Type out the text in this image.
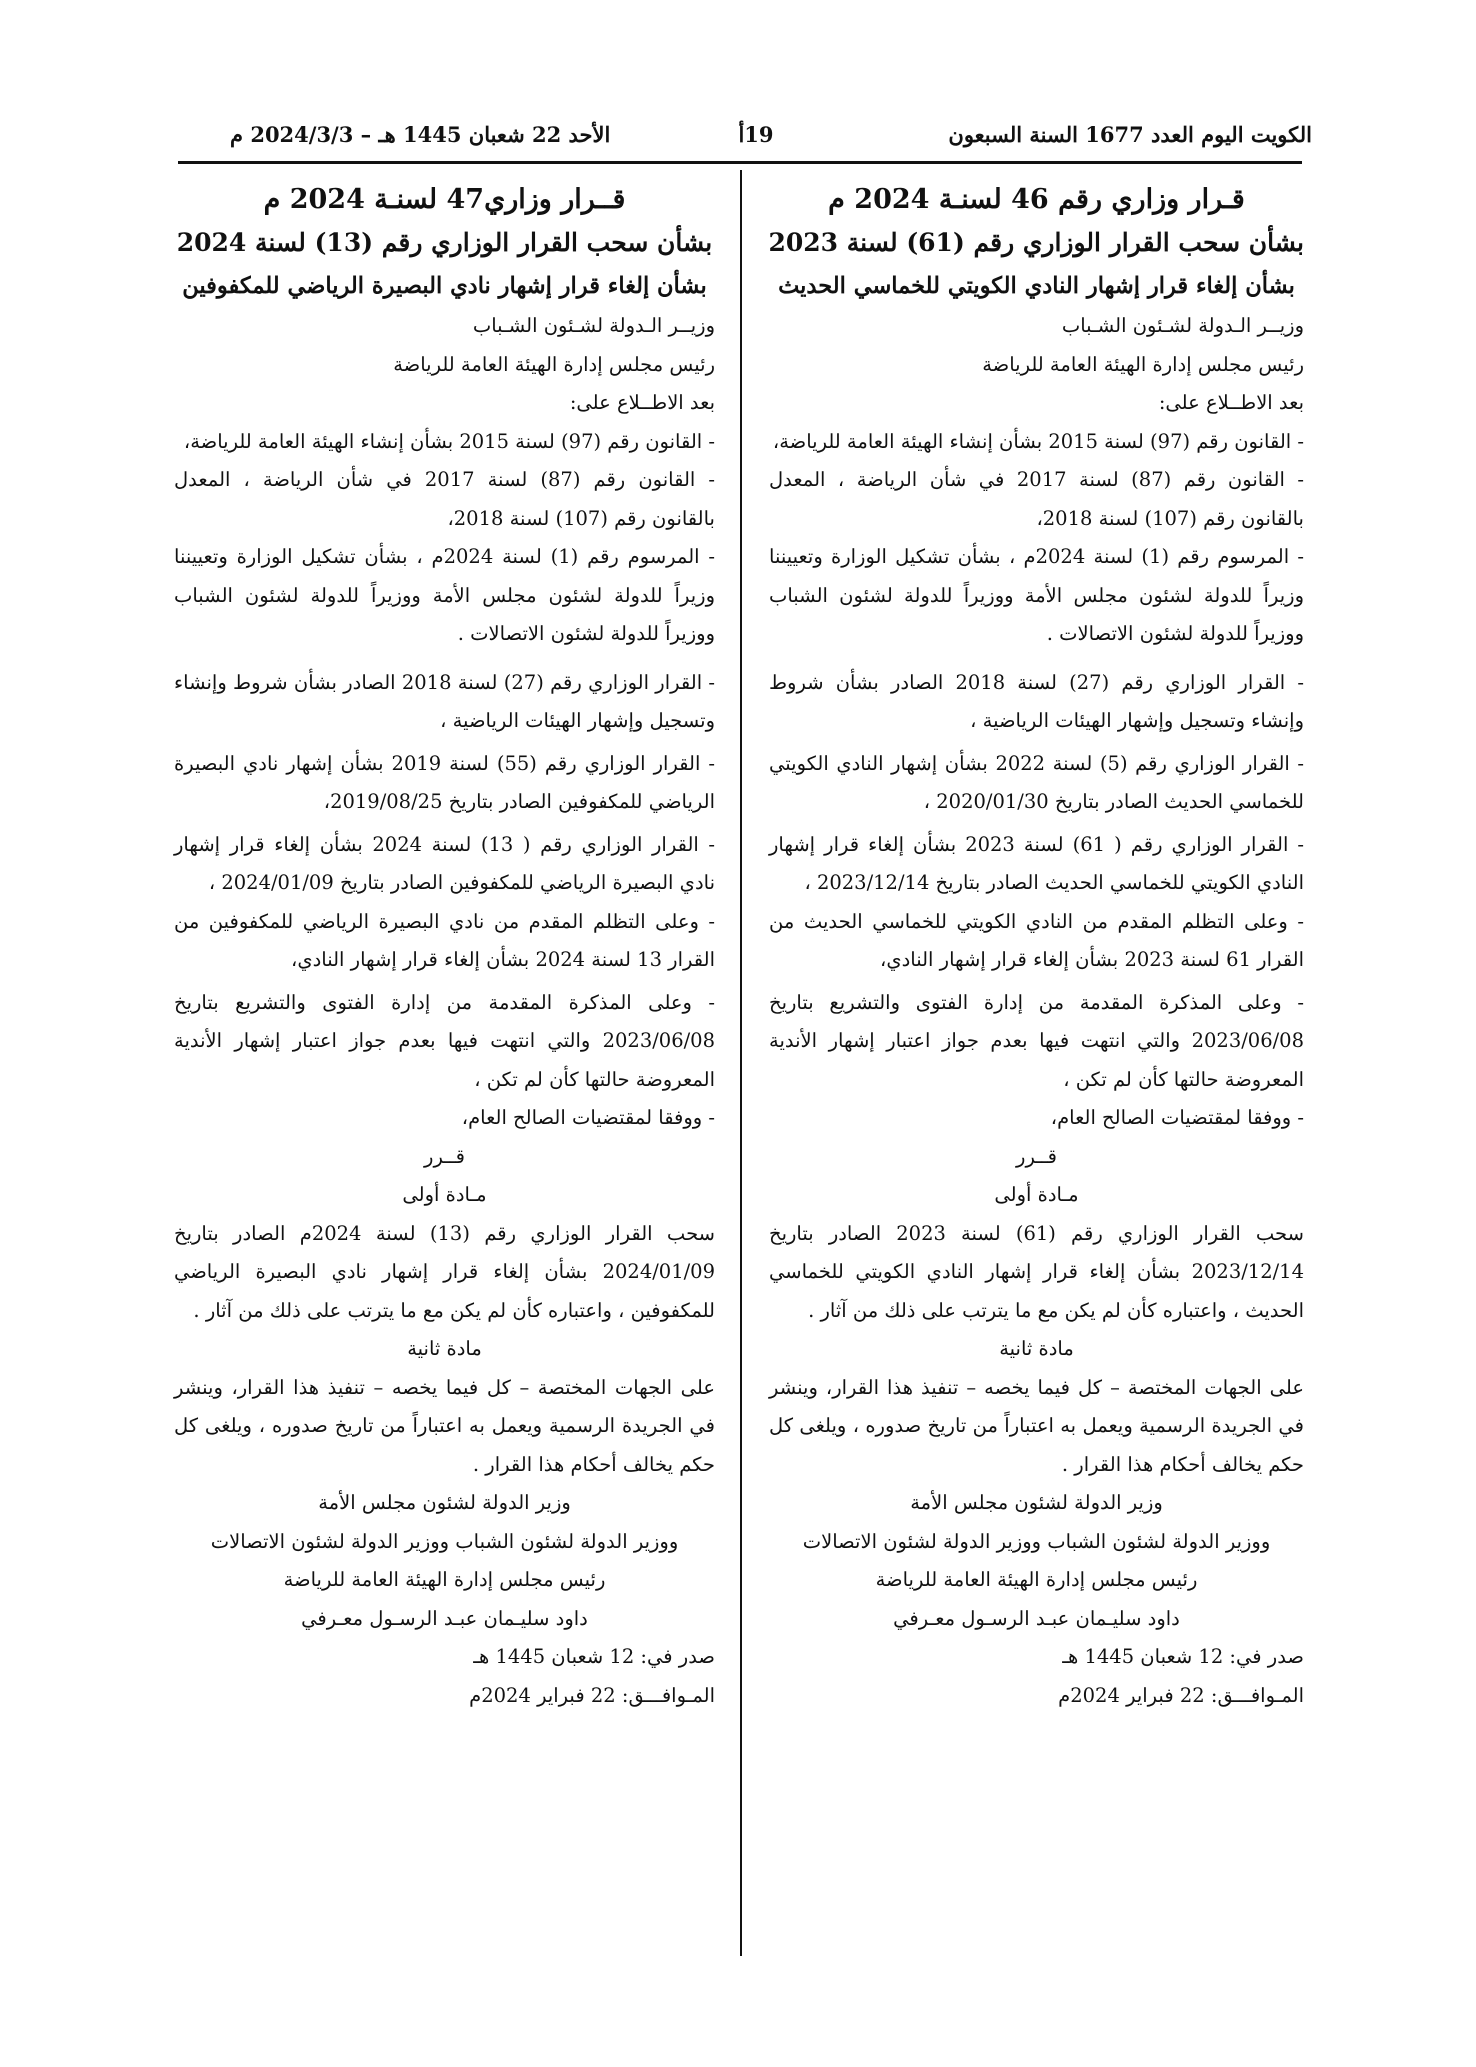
الكويت اليوم العدد 1677 السنة السبعون
19أ
الأحد 22 شعبان 1445 هـ – 2024/3/3 م
قـرار وزاري رقم 46 لسنـة 2024 م
بشأن سحب القرار الوزاري رقم (61) لسنة 2023
بشأن إلغاء قرار إشهار النادي الكويتي للخماسي الحديث
وزيــر الـدولة لشـئون الشـباب
رئيس مجلس إدارة الهيئة العامة للرياضة
بعد الاطــلاع على:

- القانون رقم (97) لسنة 2015 بشأن إنشاء الهيئة العامة للرياضة،

- القانون رقم (87) لسنة 2017 في شأن الرياضة ، المعدل بالقانون رقم (107) لسنة 2018،

- المرسوم رقم (1) لسنة 2024م ، بشأن تشكيل الوزارة وتعييننا وزيراً للدولة لشئون مجلس الأمة ووزيراً للدولة لشئون الشباب ووزيراً للدولة لشئون الاتصالات .

- القرار الوزاري رقم (27) لسنة 2018 الصادر بشأن شروط وإنشاء وتسجيل وإشهار الهيئات الرياضية ،

- القرار الوزاري رقم (5) لسنة 2022 بشأن إشهار النادي الكويتي للخماسي الحديث الصادر بتاريخ 2020/01/30 ،

- القرار الوزاري رقم ( 61) لسنة 2023 بشأن إلغاء قرار إشهار النادي الكويتي للخماسي الحديث الصادر بتاريخ 2023/12/14 ،

- وعلى التظلم المقدم من النادي الكويتي للخماسي الحديث من القرار 61 لسنة 2023 بشأن إلغاء قرار إشهار النادي،

- وعلى المذكرة المقدمة من إدارة الفتوى والتشريع بتاريخ 2023/06/08 والتي انتهت فيها بعدم جواز اعتبار إشهار الأندية المعروضة حالتها كأن لم تكن ،

- ووفقا لمقتضيات الصالح العام،

قــرر
مـادة أولى

سحب القرار الوزاري رقم (61) لسنة 2023 الصادر بتاريخ 2023/12/14 بشأن إلغاء قرار إشهار النادي الكويتي للخماسي الحديث ، واعتباره كأن لم يكن مع ما يترتب على ذلك من آثار .

مادة ثانية

على الجهات المختصة – كل فيما يخصه – تنفيذ هذا القرار، وينشر في الجريدة الرسمية ويعمل به اعتباراً من تاريخ صدوره ، ويلغى كل حكم يخالف أحكام هذا القرار .

وزير الدولة لشئون مجلس الأمة
ووزير الدولة لشئون الشباب ووزير الدولة لشئون الاتصالات
رئيس مجلس إدارة الهيئة العامة للرياضة
داود سليـمان عبـد الرسـول معـرفي
صدر في: 12 شعبان 1445 هـ
المـوافـــق: 22 فبراير 2024م
قــرار وزاري47 لسنـة 2024 م
بشأن سحب القرار الوزاري رقم (13) لسنة 2024
بشأن إلغاء قرار إشهار نادي البصيرة الرياضي للمكفوفين
وزيــر الـدولة لشـئون الشـباب
رئيس مجلس إدارة الهيئة العامة للرياضة
بعد الاطــلاع على:

- القانون رقم (97) لسنة 2015 بشأن إنشاء الهيئة العامة للرياضة،

- القانون رقم (87) لسنة 2017 في شأن الرياضة ، المعدل بالقانون رقم (107) لسنة 2018،

- المرسوم رقم (1) لسنة 2024م ، بشأن تشكيل الوزارة وتعييننا وزيراً للدولة لشئون مجلس الأمة ووزيراً للدولة لشئون الشباب ووزيراً للدولة لشئون الاتصالات .

- القرار الوزاري رقم (27) لسنة 2018 الصادر بشأن شروط وإنشاء وتسجيل وإشهار الهيئات الرياضية ،

- القرار الوزاري رقم (55) لسنة 2019 بشأن إشهار نادي البصيرة الرياضي للمكفوفين الصادر بتاريخ 2019/08/25،

- القرار الوزاري رقم ( 13) لسنة 2024 بشأن إلغاء قرار إشهار نادي البصيرة الرياضي للمكفوفين الصادر بتاريخ 2024/01/09 ،

- وعلى التظلم المقدم من نادي البصيرة الرياضي للمكفوفين من القرار 13 لسنة 2024 بشأن إلغاء قرار إشهار النادي،

- وعلى المذكرة المقدمة من إدارة الفتوى والتشريع بتاريخ 2023/06/08 والتي انتهت فيها بعدم جواز اعتبار إشهار الأندية المعروضة حالتها كأن لم تكن ،

- ووفقا لمقتضيات الصالح العام،

قــرر
مـادة أولى

سحب القرار الوزاري رقم (13) لسنة 2024م الصادر بتاريخ 2024/01/09 بشأن إلغاء قرار إشهار نادي البصيرة الرياضي للمكفوفين ، واعتباره كأن لم يكن مع ما يترتب على ذلك من آثار .

مادة ثانية

على الجهات المختصة – كل فيما يخصه – تنفيذ هذا القرار، وينشر في الجريدة الرسمية ويعمل به اعتباراً من تاريخ صدوره ، ويلغى كل حكم يخالف أحكام هذا القرار .

وزير الدولة لشئون مجلس الأمة
ووزير الدولة لشئون الشباب ووزير الدولة لشئون الاتصالات
رئيس مجلس إدارة الهيئة العامة للرياضة
داود سليـمان عبـد الرسـول معـرفي
صدر في: 12 شعبان 1445 هـ
المـوافـــق: 22 فبراير 2024م
